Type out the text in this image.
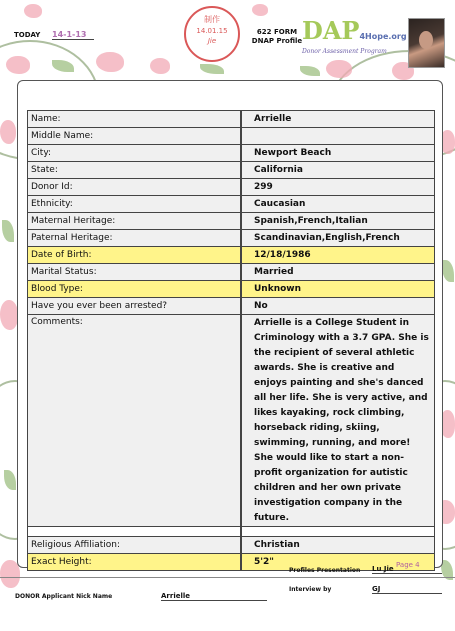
TODAY 14-1-13
制作
14.01.15
Jie
622 FORM
DNAP Profile DAP4Hope.org
Donor Assessment Program
Name:		Arrielle
Middle Name:		
City:		Newport Beach
State:		California
Donor Id:		299
Ethnicity:		Caucasian
Maternal Heritage:		Spanish,French,Italian
Paternal Heritage:		Scandinavian,English,French
Date of Birth:		12/18/1986
Marital Status:		Married
Blood Type:		Unknown
Have you ever been arrested?		No
Comments:		Arrielle is a College Student in Criminology with a 3.7 GPA. She is the recipient of several athletic awards. She is creative and enjoys painting and she's danced all her life. She is very active, and likes kayaking, rock climbing, horseback riding, skiing, swimming, running, and more! She would like to start a non-profit organization for autistic children and her own private investigation company in the future.

Religious Affiliation:		Christian
Exact Height:		5'2"	Page 4
Profiles Presentation Lu Jie
Interview by	GJ
DONOR Applicant Nick Name	Arrielle
